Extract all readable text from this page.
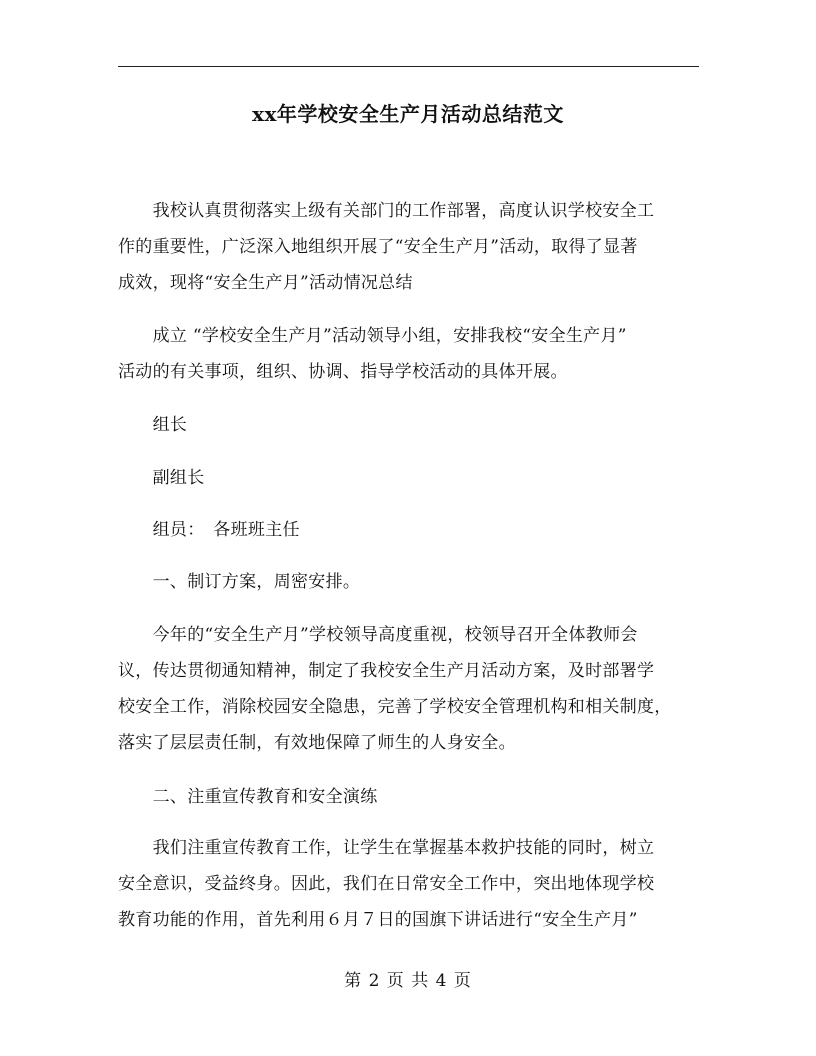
xx年学校安全生产月活动总结范文
　　我校认真贯彻落实上级有关部门的工作部署，高度认识学校安全工
作的重要性，广泛深入地组织开展了“安全生产月”活动，取得了显著
成效，现将“安全生产月”活动情况总结
　　成立 “学校安全生产月”活动领导小组，安排我校“安全生产月”
活动的有关事项，组织、协调、指导学校活动的具体开展。
　　组长
　　副组长
　　组员：　各班班主任
　　一、制订方案，周密安排。
　　今年的“安全生产月”学校领导高度重视，校领导召开全体教师会
议，传达贯彻通知精神，制定了我校安全生产月活动方案，及时部署学
校安全工作，消除校园安全隐患，完善了学校安全管理机构和相关制度，
落实了层层责任制，有效地保障了师生的人身安全。
　　二、注重宣传教育和安全演练
　　我们注重宣传教育工作，让学生在掌握基本救护技能的同时，树立
安全意识，受益终身。因此，我们在日常安全工作中，突出地体现学校
教育功能的作用，首先利用６月７日的国旗下讲话进行“安全生产月”
第 2 页 共 4 页
